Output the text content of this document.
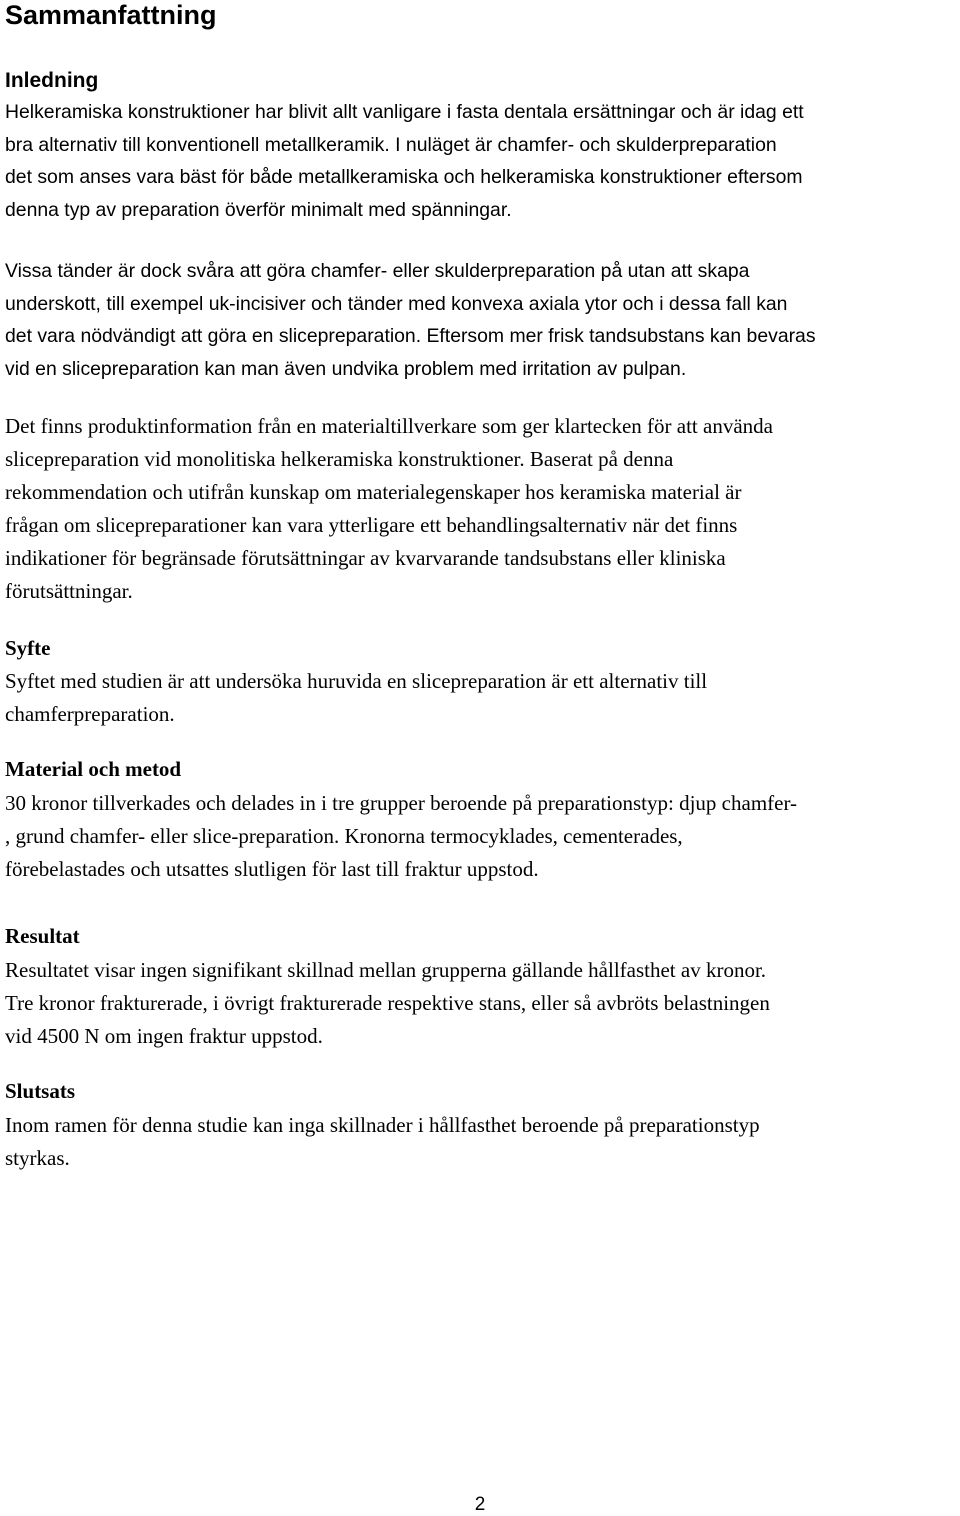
Sammanfattning
Inledning

Helkeramiska konstruktioner har blivit allt vanligare i fasta dentala ersättningar och är idag ett
bra alternativ till konventionell metallkeramik. I nuläget är chamfer- och skulderpreparation
det som anses vara bäst för både metallkeramiska och helkeramiska konstruktioner eftersom
denna typ av preparation överför minimalt med spänningar.

Vissa tänder är dock svåra att göra chamfer- eller skulderpreparation på utan att skapa
underskott, till exempel uk-incisiver och tänder med konvexa axiala ytor och i dessa fall kan
det vara nödvändigt att göra en slicepreparation. Eftersom mer frisk tandsubstans kan bevaras
vid en slicepreparation kan man även undvika problem med irritation av pulpan.

Det finns produktinformation från en materialtillverkare som ger klartecken för att använda
slicepreparation vid monolitiska helkeramiska konstruktioner. Baserat på denna
rekommendation och utifrån kunskap om materialegenskaper hos keramiska material är
frågan om slicepreparationer kan vara ytterligare ett behandlingsalternativ när det finns
indikationer för begränsade förutsättningar av kvarvarande tandsubstans eller kliniska
förutsättningar.

Syfte

Syftet med studien är att undersöka huruvida en slicepreparation är ett alternativ till
chamferpreparation.

Material och metod

30 kronor tillverkades och delades in i tre grupper beroende på preparationstyp: djup chamfer-
, grund chamfer- eller slice-preparation. Kronorna termocyklades, cementerades,
förebelastades och utsattes slutligen för last till fraktur uppstod.

Resultat

Resultatet visar ingen signifikant skillnad mellan grupperna gällande hållfasthet av kronor.
Tre kronor frakturerade, i övrigt frakturerade respektive stans, eller så avbröts belastningen
vid 4500 N om ingen fraktur uppstod.

Slutsats

Inom ramen för denna studie kan inga skillnader i hållfasthet beroende på preparationstyp
styrkas.

2
